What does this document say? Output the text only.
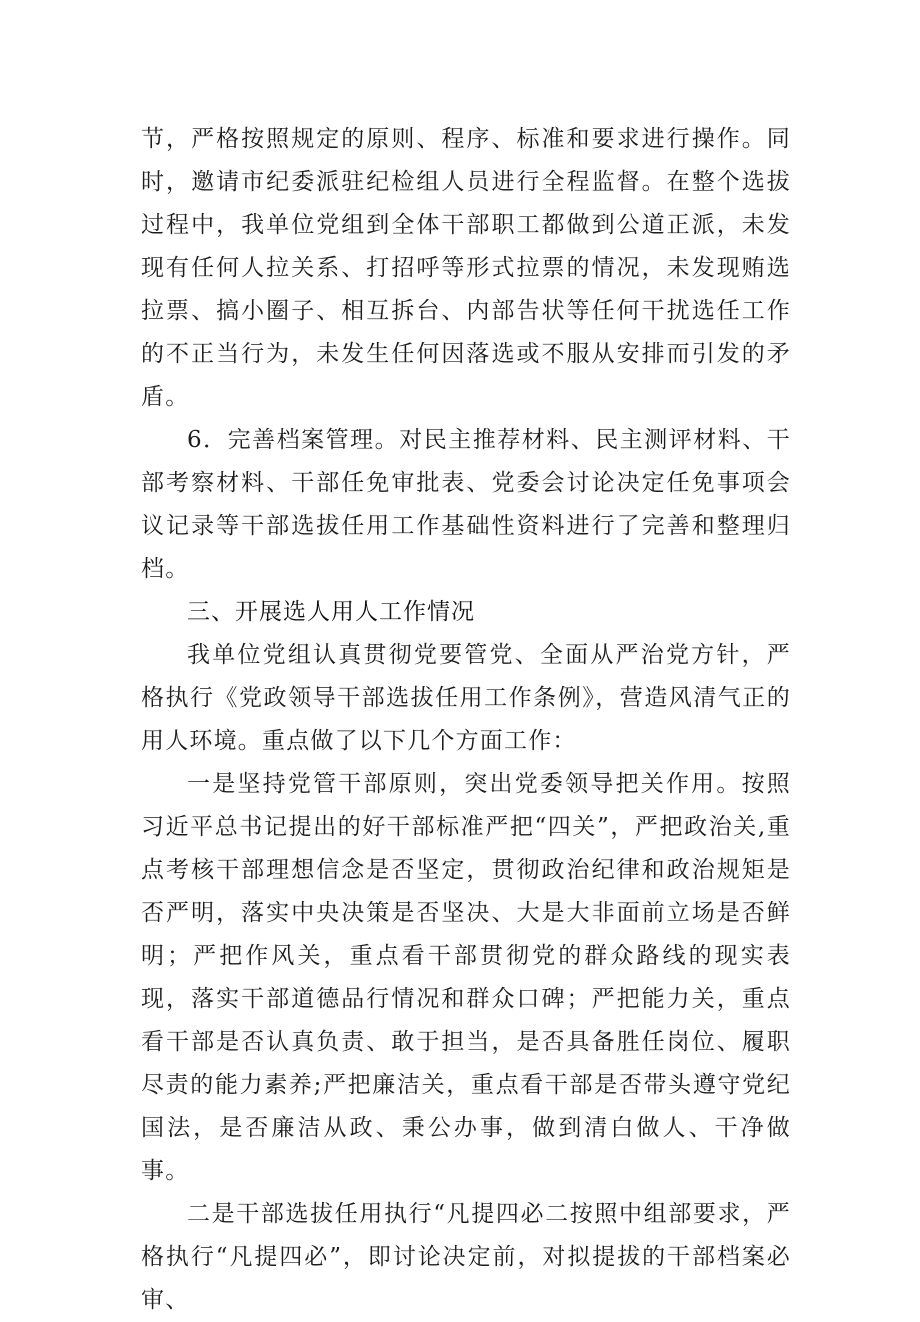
节，严格按照规定的原则、程序、标准和要求进行操作。同时，邀请市纪委派驻纪检组人员进行全程监督。在整个选拔过程中，我单位党组到全体干部职工都做到公道正派，未发现有任何人拉关系、打招呼等形式拉票的情况，未发现贿选拉票、搞小圈子、相互拆台、内部告状等任何干扰选任工作的不正当行为，未发生任何因落选或不服从安排而引发的矛盾。

6．完善档案管理。对民主推荐材料、民主测评材料、干部考察材料、干部任免审批表、党委会讨论决定任免事项会议记录等干部选拔任用工作基础性资料进行了完善和整理归档。

三、开展选人用人工作情况

我单位党组认真贯彻党要管党、全面从严治党方针，严格执行《党政领导干部选拔任用工作条例》，营造风清气正的用人环境。重点做了以下几个方面工作：

一是坚持党管干部原则，突出党委领导把关作用。按照习近平总书记提出的好干部标准严把“四关”，严把政治关,重点考核干部理想信念是否坚定，贯彻政治纪律和政治规矩是否严明，落实中央决策是否坚决、大是大非面前立场是否鲜明；严把作风关，重点看干部贯彻党的群众路线的现实表现，落实干部道德品行情况和群众口碑；严把能力关，重点看干部是否认真负责、敢于担当，是否具备胜任岗位、履职尽责的能力素养;严把廉洁关，重点看干部是否带头遵守党纪国法，是否廉洁从政、秉公办事，做到清白做人、干净做事。

二是干部选拔任用执行“凡提四必二按照中组部要求，严格执行“凡提四必”，即讨论决定前，对拟提拔的干部档案必审、
